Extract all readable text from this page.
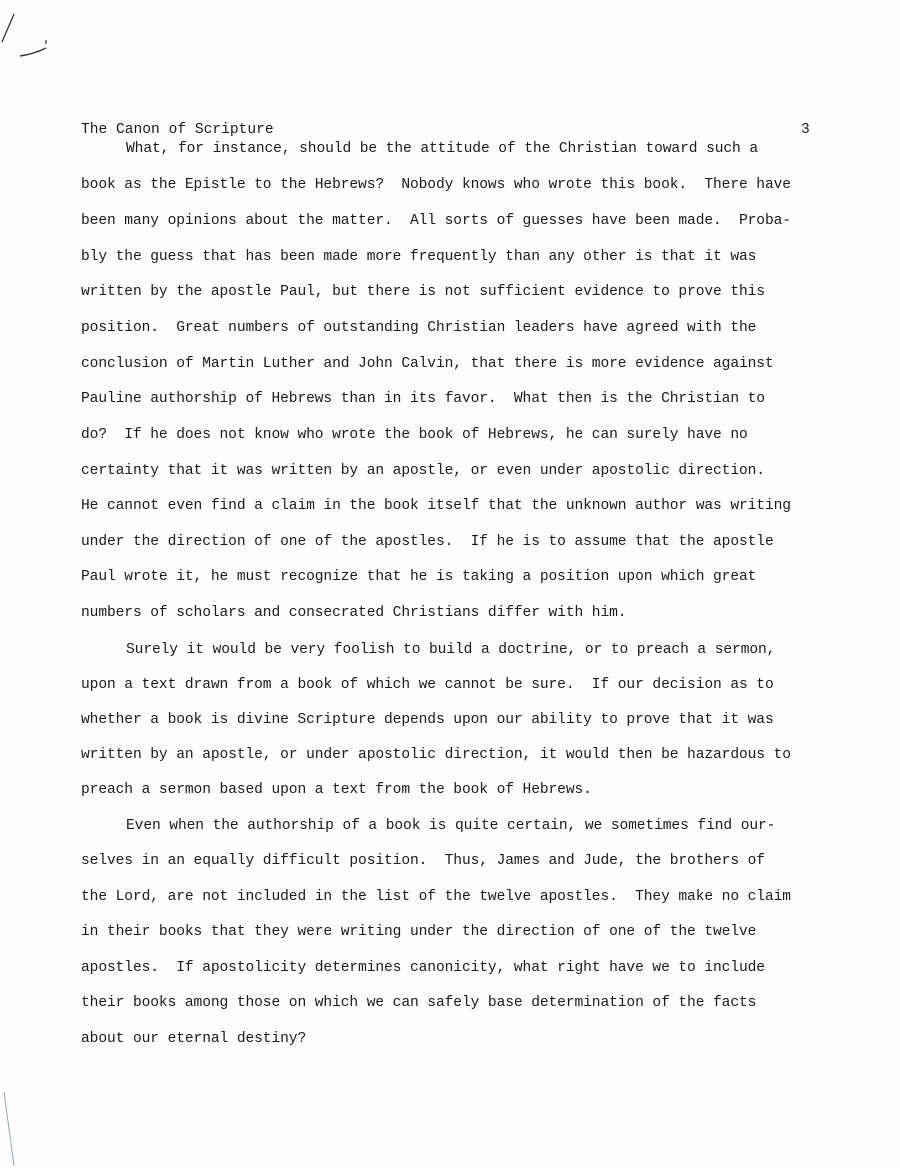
The Canon of Scripture	3
What, for instance, should be the attitude of the Christian toward such a
book as the Epistle to the Hebrews?  Nobody knows who wrote this book.  There have
been many opinions about the matter.  All sorts of guesses have been made.  Proba-
bly the guess that has been made more frequently than any other is that it was
written by the apostle Paul, but there is not sufficient evidence to prove this
position.  Great numbers of outstanding Christian leaders have agreed with the
conclusion of Martin Luther and John Calvin, that there is more evidence against
Pauline authorship of Hebrews than in its favor.  What then is the Christian to
do?  If he does not know who wrote the book of Hebrews, he can surely have no
certainty that it was written by an apostle, or even under apostolic direction.
He cannot even find a claim in the book itself that the unknown author was writing
under the direction of one of the apostles.  If he is to assume that the apostle
Paul wrote it, he must recognize that he is taking a position upon which great
numbers of scholars and consecrated Christians differ with him.
Surely it would be very foolish to build a doctrine, or to preach a sermon,
upon a text drawn from a book of which we cannot be sure.  If our decision as to
whether a book is divine Scripture depends upon our ability to prove that it was
written by an apostle, or under apostolic direction, it would then be hazardous to
preach a sermon based upon a text from the book of Hebrews.
Even when the authorship of a book is quite certain, we sometimes find our-
selves in an equally difficult position.  Thus, James and Jude, the brothers of
the Lord, are not included in the list of the twelve apostles.  They make no claim
in their books that they were writing under the direction of one of the twelve
apostles.  If apostolicity determines canonicity, what right have we to include
their books among those on which we can safely base determination of the facts
about our eternal destiny?
